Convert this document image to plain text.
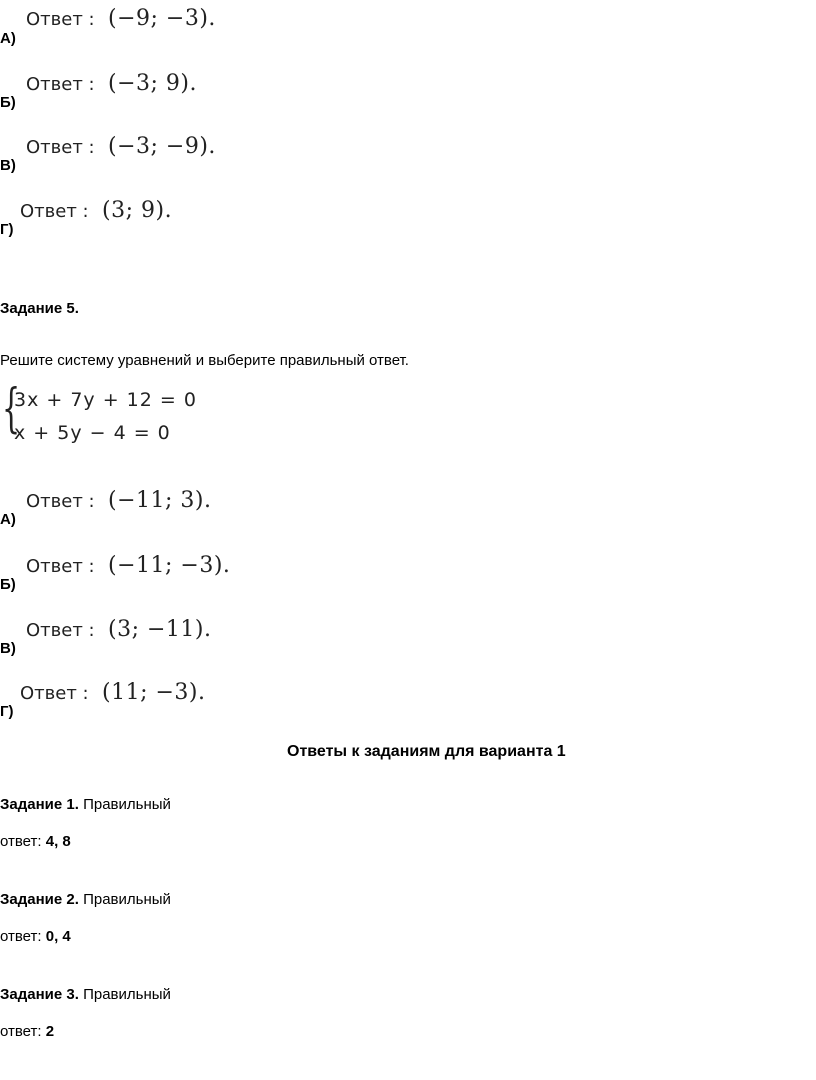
А)
Ответ : (−9; −3).
Б)
Ответ : (−3; 9).
В)
Ответ : (−3; −9).
Г)
Ответ : (3; 9).
Задание 5.
Решите систему уравнений и выберите правильный ответ.
{
3x + 7y + 12 = 0
x + 5y − 4 = 0
А)
Ответ : (−11; 3).
Б)
Ответ : (−11; −3).
В)
Ответ : (3; −11).
Г)
Ответ : (11; −3).
Ответы к заданиям для варианта 1
Задание 1. Правильный
ответ: 4, 8
Задание 2. Правильный
ответ: 0, 4
Задание 3. Правильный
ответ: 2
